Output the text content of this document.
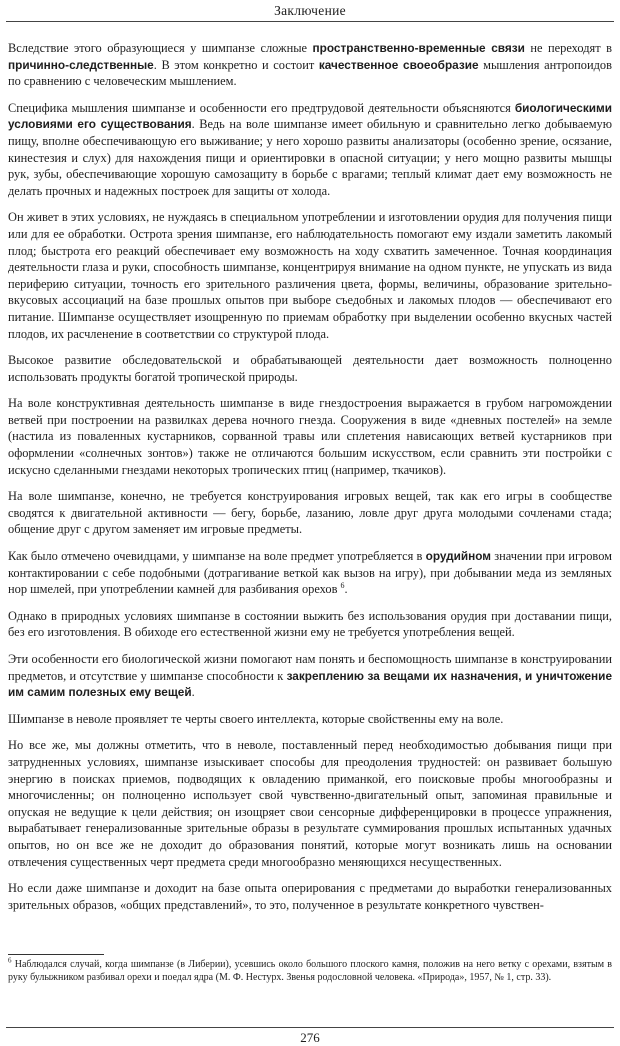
Заключение

Вследствие этого образующиеся у шимпанзе сложные пространственно-временные связи не переходят в причинно-следственные. В этом конкретно и состоит качественное своеобразие мышления антропоидов по сравнению с человеческим мышлением.

Специфика мышления шимпанзе и особенности его предтрудовой деятельности объясняются биологическими условиями его существования. Ведь на воле шимпанзе имеет обильную и сравнительно легко добываемую пищу, вполне обеспечивающую его выживание; у него хорошо развиты анализаторы (особенно зрение, осязание, кинестезия и слух) для нахождения пищи и ориентировки в опасной ситуации; у него мощно развиты мышцы рук, зубы, обеспечивающие хорошую самозащиту в борьбе с врагами; теплый климат дает ему возможность не делать прочных и надежных построек для защиты от холода.

Он живет в этих условиях, не нуждаясь в специальном употреблении и изготовлении орудия для получения пищи или для ее обработки. Острота зрения шимпанзе, его наблюдательность помогают ему издали заметить лакомый плод; быстрота его реакций обеспечивает ему возможность на ходу схватить замеченное. Точная координация деятельности глаза и руки, способность шимпанзе, концентрируя внимание на одном пункте, не упускать из вида периферию ситуации, точность его зрительного различения цвета, формы, величины, образование зрительно-вкусовых ассоциаций на базе прошлых опытов при выборе съедобных и лакомых плодов — обеспечивают его питание. Шимпанзе осуществляет изощренную по приемам обработку при выделении особенно вкусных частей плодов, их расчленение в соответствии со структурой плода.

Высокое развитие обследовательской и обрабатывающей деятельности дает возможность полноценно использовать продукты богатой тропической природы.

На воле конструктивная деятельность шимпанзе в виде гнездостроения выражается в грубом нагромождении ветвей при построении на развилках дерева ночного гнезда. Сооружения в виде «дневных постелей» на земле (настила из поваленных кустарников, сорванной травы или сплетения нависающих ветвей кустарников при оформлении «солнечных зонтов») также не отличаются большим искусством, если сравнить эти постройки с искусно сделанными гнездами некоторых тропических птиц (например, ткачиков).

На воле шимпанзе, конечно, не требуется конструирования игровых вещей, так как его игры в сообществе сводятся к двигательной активности — бегу, борьбе, лазанию, ловле друг друга молодыми сочленами стада; общение друг с другом заменяет им игровые предметы.

Как было отмечено очевидцами, у шимпанзе на воле предмет употребляется в орудийном значении при игровом контактировании с себе подобными (дотрагивание веткой как вызов на игру), при добывании меда из земляных нор шмелей, при употреблении камней для разбивания орехов $^6$.

Однако в природных условиях шимпанзе в состоянии выжить без использования орудия при доставании пищи, без его изготовления. В обиходе его естественной жизни ему не требуется употребления вещей.

Эти особенности его биологической жизни помогают нам понять и беспомощность шимпанзе в конструировании предметов, и отсутствие у шимпанзе способности к закреплению за вещами их назначения, и уничтожение им самим полезных ему вещей.

Шимпанзе в неволе проявляет те черты своего интеллекта, которые свойственны ему на воле.

Но все же, мы должны отметить, что в неволе, поставленный перед необходимостью добывания пищи при затрудненных условиях, шимпанзе изыскивает способы для преодоления трудностей: он развивает большую энергию в поисках приемов, подводящих к овладению приманкой, его поисковые пробы многообразны и многочисленны; он полноценно использует свой чувственно-двигательный опыт, запоминая правильные и опуская не ведущие к цели действия; он изощряет свои сенсорные дифференцировки в процессе упражнения, вырабатывает генерализованные зрительные образы в результате суммирования прошлых испытанных удачных опытов, но он все же не доходит до образования понятий, которые могут возникать лишь на основании отвлечения существенных черт предмета среди многообразно меняющихся несущественных.

Но если даже шимпанзе и доходит на базе опыта оперирования с предметами до выработки генерализованных зрительных образов, «общих представлений», то это, полученное в результате конкретного чувствен-

$^6$ Наблюдался случай, когда шимпанзе (в Либерии), усевшись около большого плоского камня, положив на него ветку с орехами, взятым в руку булыжником разбивал орехи и поедал ядра (М. Ф. Нестурх. Звенья родословной человека. «Природа», 1957, № 1, стр. 33).
276
